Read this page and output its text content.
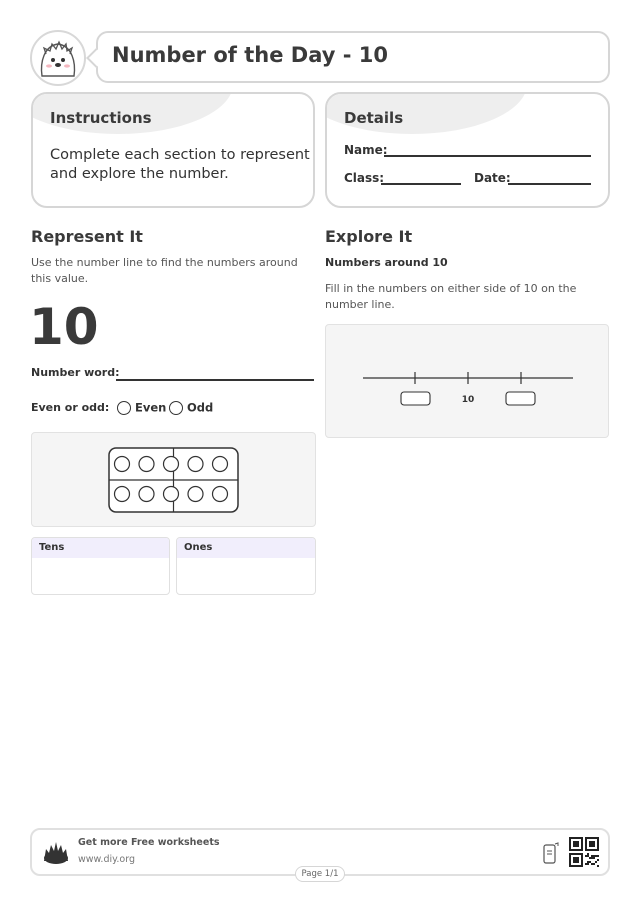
Number of the Day - 10
Instructions
Complete each section to represent and explore the number.
Details
Name:
Class:	Date:
Represent It
Use the number line to find the numbers around this value.
10
Number word:
Even or odd:	Even	Odd
Tens	Ones
Explore It
Numbers around 10
Fill in the numbers on either side of 10 on the number line.
10
Get more Free worksheets
www.diy.org
Page 1/1
